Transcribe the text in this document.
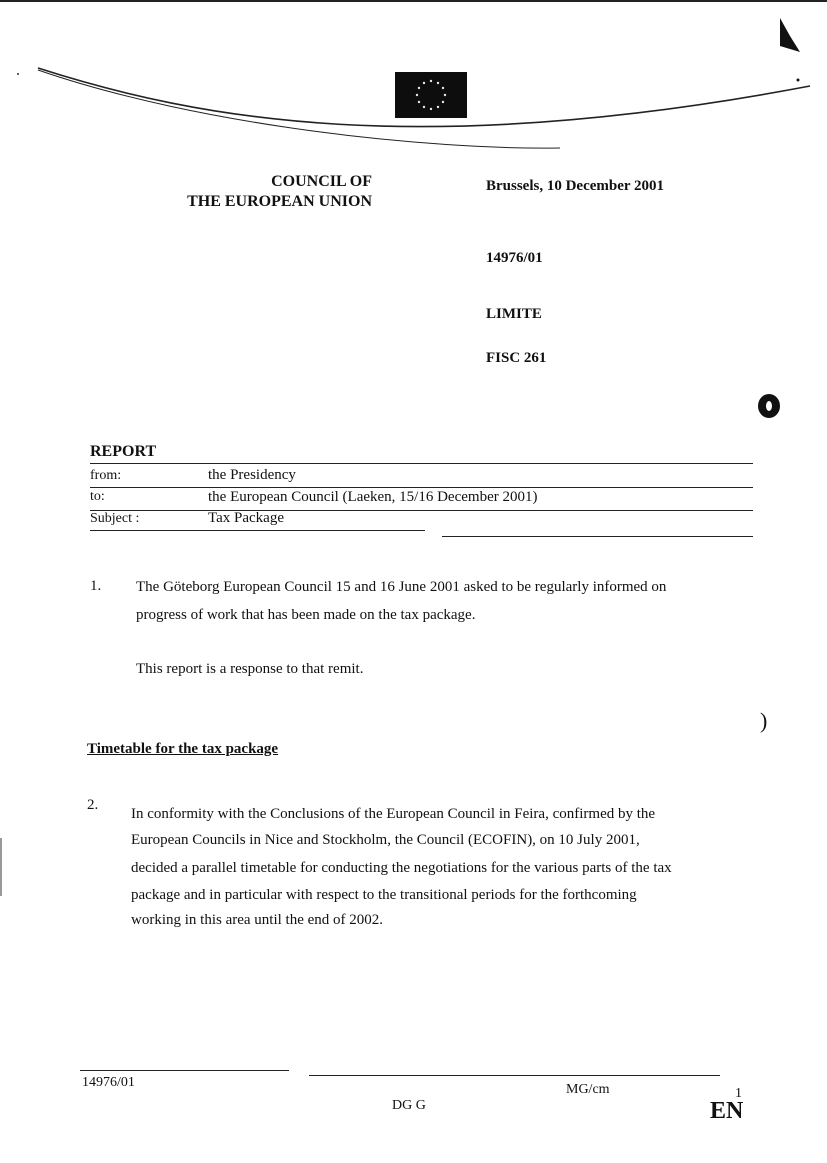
COUNCIL OF
THE EUROPEAN UNION
Brussels, 10 December 2001
14976/01
LIMITE
FISC 261
REPORT
from:	the Presidency
to:	the European Council (Laeken, 15/16 December 2001)
Subject :	Tax Package
1. The Göteborg European Council 15 and 16 June 2001 asked to be regularly informed on
progress of work that has been made on the tax package.
This report is a response to that remit.
)
Timetable for the tax package
2.
In conformity with the Conclusions of the European Council in Feira, confirmed by the
European Councils in Nice and Stockholm, the Council (ECOFIN), on 10 July 2001,
decided a parallel timetable for conducting the negotiations for the various parts of the tax
package and in particular with respect to the transitional periods for the forthcoming
working in this area until the end of 2002.
14976/01	MG/cm	1
DG G	EN
